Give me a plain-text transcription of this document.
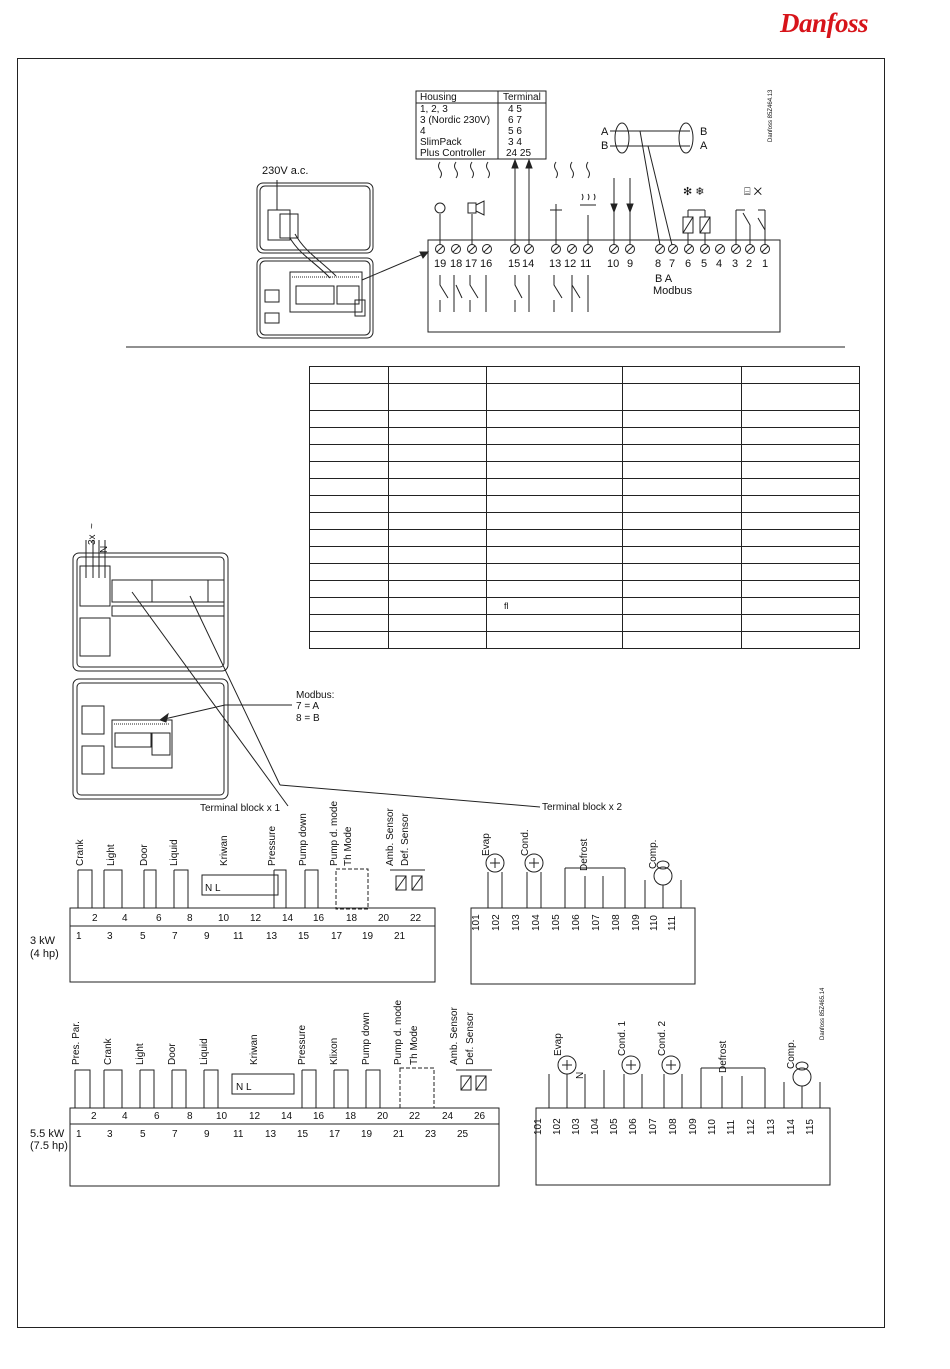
Danfoss
230V a.c.
Housing	Terminal
1, 2, 3	4 5
3 (Nordic 230V) 6 7
4	5 6
SlimPack	3 4
Plus Controller 24 25
A
B
B
A
Danfoss 85Z464.13
19 18 17 16 15 14 13 12 11 10 9 8 7 6 5 4 3 2 1
B A
Modbus
✻ ❄	⌸ ✕

		fl		

3x
~
N
Modbus:
7 = A
8 = B
Terminal block x 1	Terminal block x 2
3 kW
(4 hp)
N L
Crank Light Door Liquid	Kriwan	Pressure Pump down Pump d. mode Th Mode	Amb. Sensor Def. Sensor
2 4	6	8	10 12 14 16 18 20 22
1	3	5	7	9 11 13 15 17 19 21
Evap	Cond.	Defrost	Comp.
101 102 103 104 105 106 107 108 109 110 111
5.5 kW
(7.5 hp)
N L
Danfoss 85Z465.14
Pres. Par. Crank Light Door Liquid	Kriwan	Pressure Klixon Pump down Pump d. mode Th Mode	Amb. Sensor Def. Sensor
2	4	6	8 10 12 14 16 18 20 22 24 26
1	3	5	7	9 11 13 15 17 19 21 23 25
Evap
N
Cond. 1	Cond. 2
Defrost	Comp.
101 102 103 104 105 106 107 108 109 110 111 112 113 114 115
